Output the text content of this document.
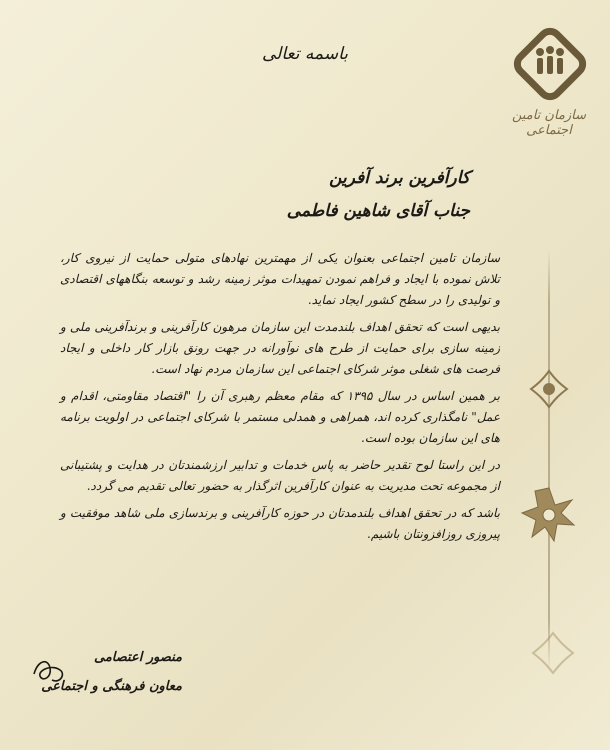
سازمان تامین اجتماعی
باسمه تعالی
کارآفرین برند آفرین
جناب آقای شاهین فاطمی

سازمان تامین اجتماعی بعنوان یکی از مهمترین نهادهای متولی حمایت از نیروی کار، تلاش نموده با ایجاد و فراهم نمودن تمهیدات موثر زمینه رشد و توسعه بنگاههای اقتصادی و تولیدی را در سطح کشور ایجاد نماید.

بدیهی است که تحقق اهداف بلندمدت این سازمان مرهون کارآفرینی و برندآفرینی ملی و زمینه سازی برای حمایت از طرح های نوآورانه در جهت رونق بازار کار داخلی و ایجاد فرصت های شغلی موثر شرکای اجتماعی این سازمان مردم نهاد است.

بر همین اساس در سال ۱۳۹۵ که مقام معظم رهبری آن را "اقتصاد مقاومتی، اقدام و عمل" نامگذاری کرده اند، همراهی و همدلی مستمر با شرکای اجتماعی در اولویت برنامه های این سازمان بوده است.

در این راستا لوح تقدیر حاضر به پاس خدمات و تدابیر ارزشمندتان در هدایت و پشتیبانی از مجموعه تحت مدیریت به عنوان کارآفرین اثرگذار به حضور تعالی تقدیم می گردد.

باشد که در تحقق اهداف بلندمدتان در حوزه کارآفرینی و برندسازی ملی شاهد موفقیت و پیروزی روزافزونتان باشیم.

منصور اعتصامی
معاون فرهنگی و اجتماعی
